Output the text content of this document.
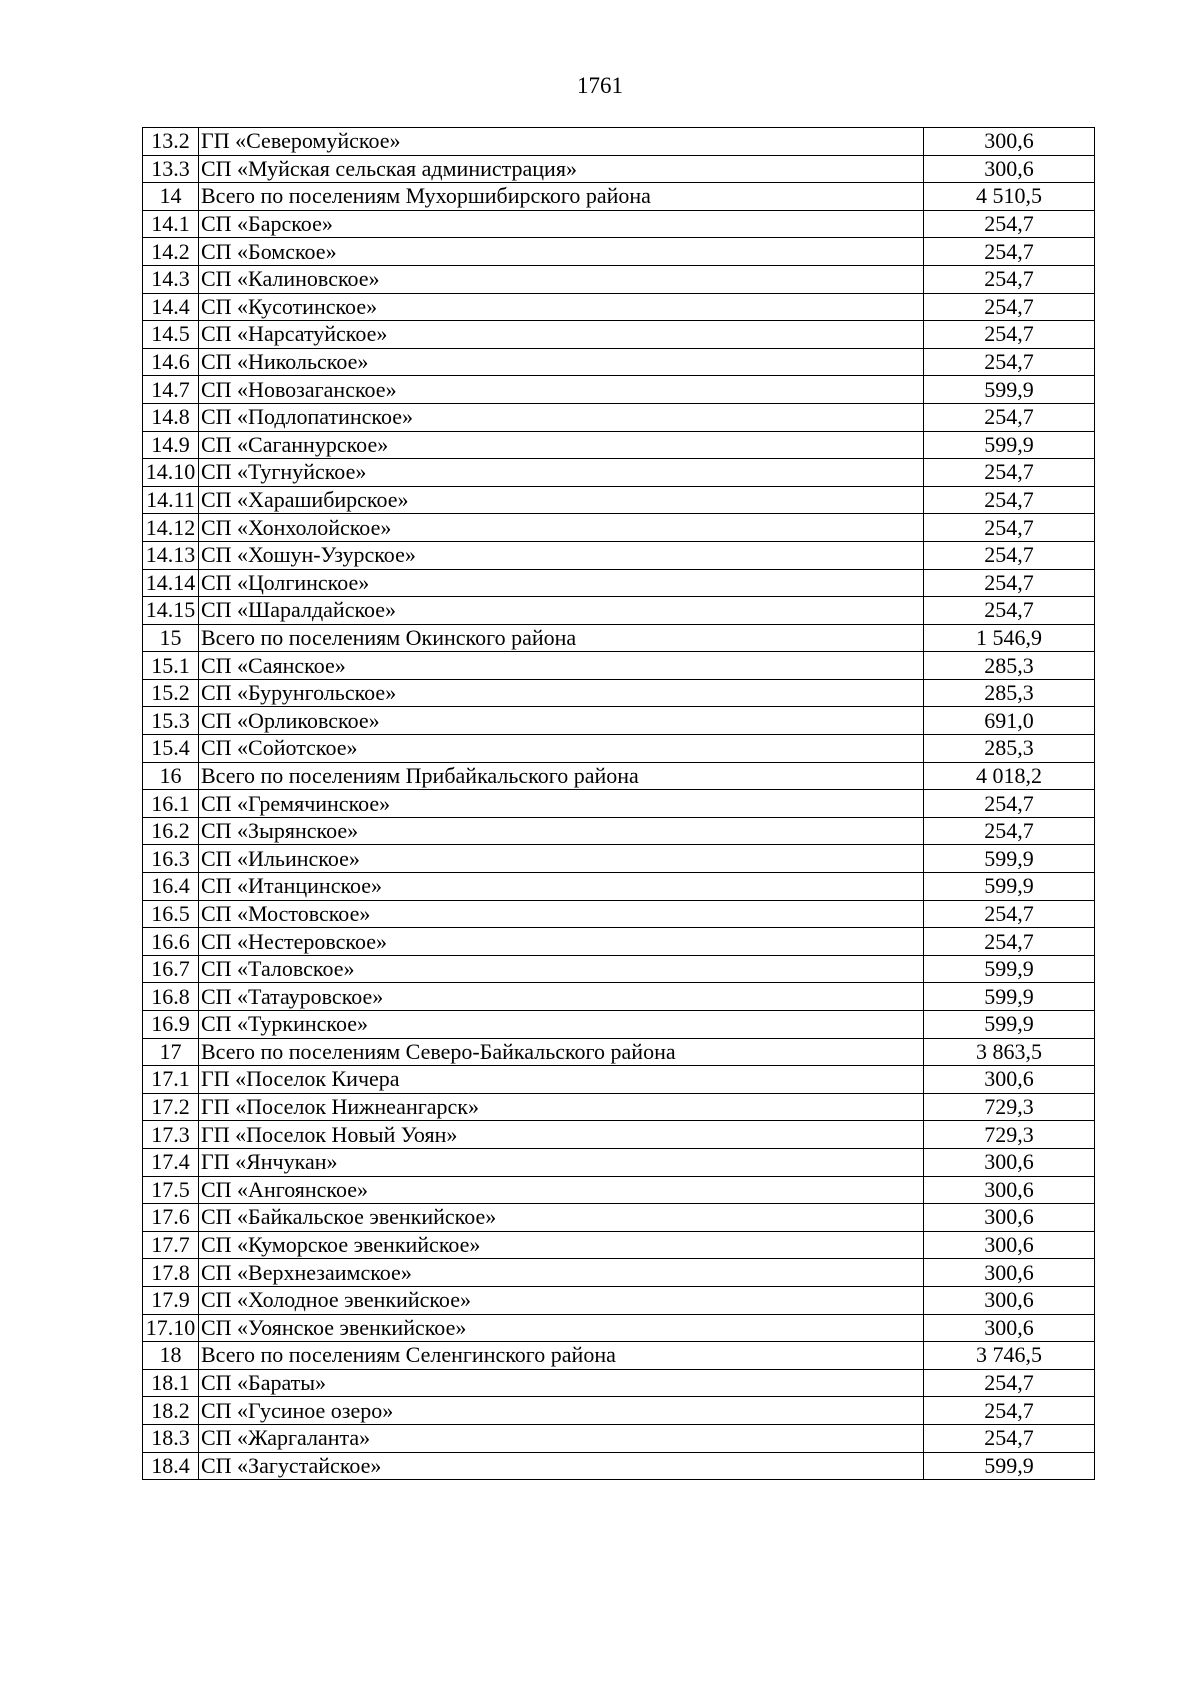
1761
13.2	ГП «Северомуйское»	300,6
13.3	СП «Муйская сельская администрация»	300,6
14	Всего по поселениям Мухоршибирского района	4 510,5
14.1	СП «Барское»	254,7
14.2	СП «Бомское»	254,7
14.3	СП «Калиновское»	254,7
14.4	СП «Кусотинское»	254,7
14.5	СП «Нарсатуйское»	254,7
14.6	СП «Никольское»	254,7
14.7	СП «Новозаганское»	599,9
14.8	СП «Подлопатинское»	254,7
14.9	СП «Саганнурское»	599,9
14.10	СП «Тугнуйское»	254,7
14.11	СП «Харашибирское»	254,7
14.12	СП «Хонхолойское»	254,7
14.13	СП «Хошун-Узурское»	254,7
14.14	СП «Цолгинское»	254,7
14.15	СП «Шаралдайское»	254,7
15	Всего по поселениям Окинского района	1 546,9
15.1	СП «Саянское»	285,3
15.2	СП «Бурунгольское»	285,3
15.3	СП «Орликовское»	691,0
15.4	СП «Сойотское»	285,3
16	Всего по поселениям Прибайкальского района	4 018,2
16.1	СП «Гремячинское»	254,7
16.2	СП «Зырянское»	254,7
16.3	СП «Ильинское»	599,9
16.4	СП «Итанцинское»	599,9
16.5	СП «Мостовское»	254,7
16.6	СП «Нестеровское»	254,7
16.7	СП «Таловское»	599,9
16.8	СП «Татауровское»	599,9
16.9	СП «Туркинское»	599,9
17	Всего по поселениям Северо-Байкальского района	3 863,5
17.1	ГП «Поселок Кичера	300,6
17.2	ГП «Поселок Нижнеангарск»	729,3
17.3	ГП «Поселок Новый Уоян»	729,3
17.4	ГП «Янчукан»	300,6
17.5	СП «Ангоянское»	300,6
17.6	СП «Байкальское эвенкийское»	300,6
17.7	СП «Куморское эвенкийское»	300,6
17.8	СП «Верхнезаимское»	300,6
17.9	СП «Холодное эвенкийское»	300,6
17.10	СП «Уоянское эвенкийское»	300,6
18	Всего по поселениям Селенгинского района	3 746,5
18.1	СП «Бараты»	254,7
18.2	СП «Гусиное озеро»	254,7
18.3	СП «Жаргаланта»	254,7
18.4	СП «Загустайское»	599,9
